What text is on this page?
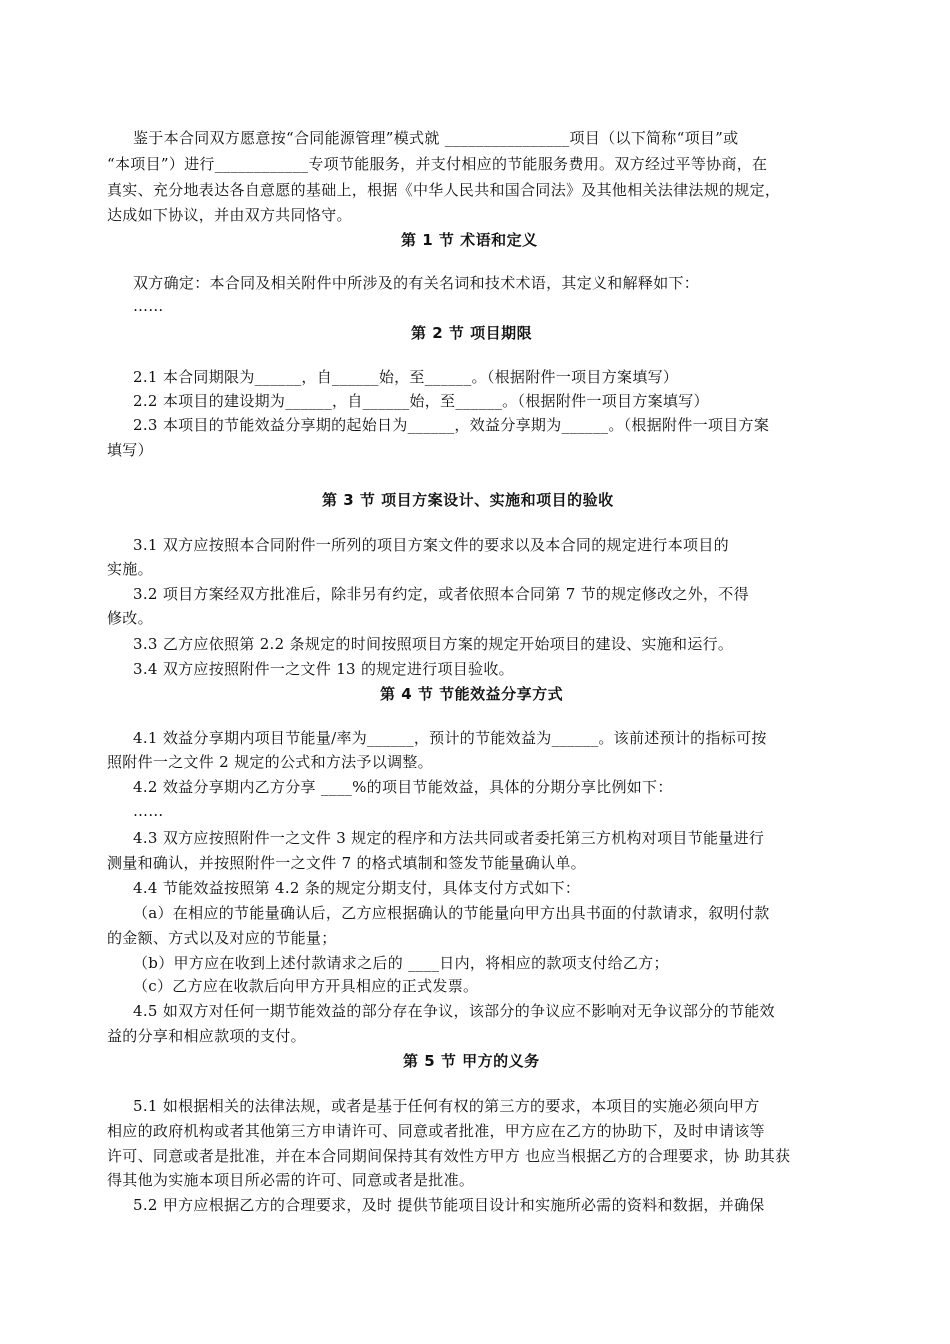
鉴于本合同双方愿意按“合同能源管理”模式就 ________________项目（以下简称“项目”或
“本项目”）进行____________专项节能服务，并支付相应的节能服务费用。双方经过平等协商，在
真实、充分地表达各自意愿的基础上，根据《中华人民共和国合同法》及其他相关法律法规的规定，
达成如下协议，并由双方共同恪守。
第 1 节 术语和定义
双方确定：本合同及相关附件中所涉及的有关名词和技术术语，其定义和解释如下：
……
第 2 节 项目期限
2.1 本合同期限为______，自______始，至______。（根据附件一项目方案填写）
2.2 本项目的建设期为______，自______始，至______。（根据附件一项目方案填写）
2.3 本项目的节能效益分享期的起始日为______，效益分享期为______。（根据附件一项目方案
填写）
第 3 节 项目方案设计、实施和项目的验收
3.1 双方应按照本合同附件一所列的项目方案文件的要求以及本合同的规定进行本项目的
实施。
3.2 项目方案经双方批准后，除非另有约定，或者依照本合同第 7 节的规定修改之外，不得
修改。
3.3 乙方应依照第 2.2 条规定的时间按照项目方案的规定开始项目的建设、实施和运行。
3.4 双方应按照附件一之文件 13 的规定进行项目验收。
第 4 节 节能效益分享方式
4.1 效益分享期内项目节能量/率为______，预计的节能效益为______。该前述预计的指标可按
照附件一之文件 2 规定的公式和方法予以调整。
4.2 效益分享期内乙方分享 ____%的项目节能效益，具体的分期分享比例如下：
……
4.3 双方应按照附件一之文件 3 规定的程序和方法共同或者委托第三方机构对项目节能量进行
测量和确认，并按照附件一之文件 7 的格式填制和签发节能量确认单。
4.4 节能效益按照第 4.2 条的规定分期支付，具体支付方式如下：
（a）在相应的节能量确认后，乙方应根据确认的节能量向甲方出具书面的付款请求，叙明付款
的金额、方式以及对应的节能量；
（b）甲方应在收到上述付款请求之后的 ____日内，将相应的款项支付给乙方；
（c）乙方应在收款后向甲方开具相应的正式发票。
4.5 如双方对任何一期节能效益的部分存在争议，该部分的争议应不影响对无争议部分的节能效
益的分享和相应款项的支付。
第 5 节 甲方的义务
5.1 如根据相关的法律法规，或者是基于任何有权的第三方的要求，本项目的实施必须向甲方
相应的政府机构或者其他第三方申请许可、同意或者批准，甲方应在乙方的协助下，及时申请该等
许可、同意或者是批准，并在本合同期间保持其有效性方甲方 也应当根据乙方的合理要求，协 助其获
得其他为实施本项目所必需的许可、同意或者是批准。
5.2 甲方应根据乙方的合理要求，及时 提供节能项目设计和实施所必需的资料和数据，并确保
